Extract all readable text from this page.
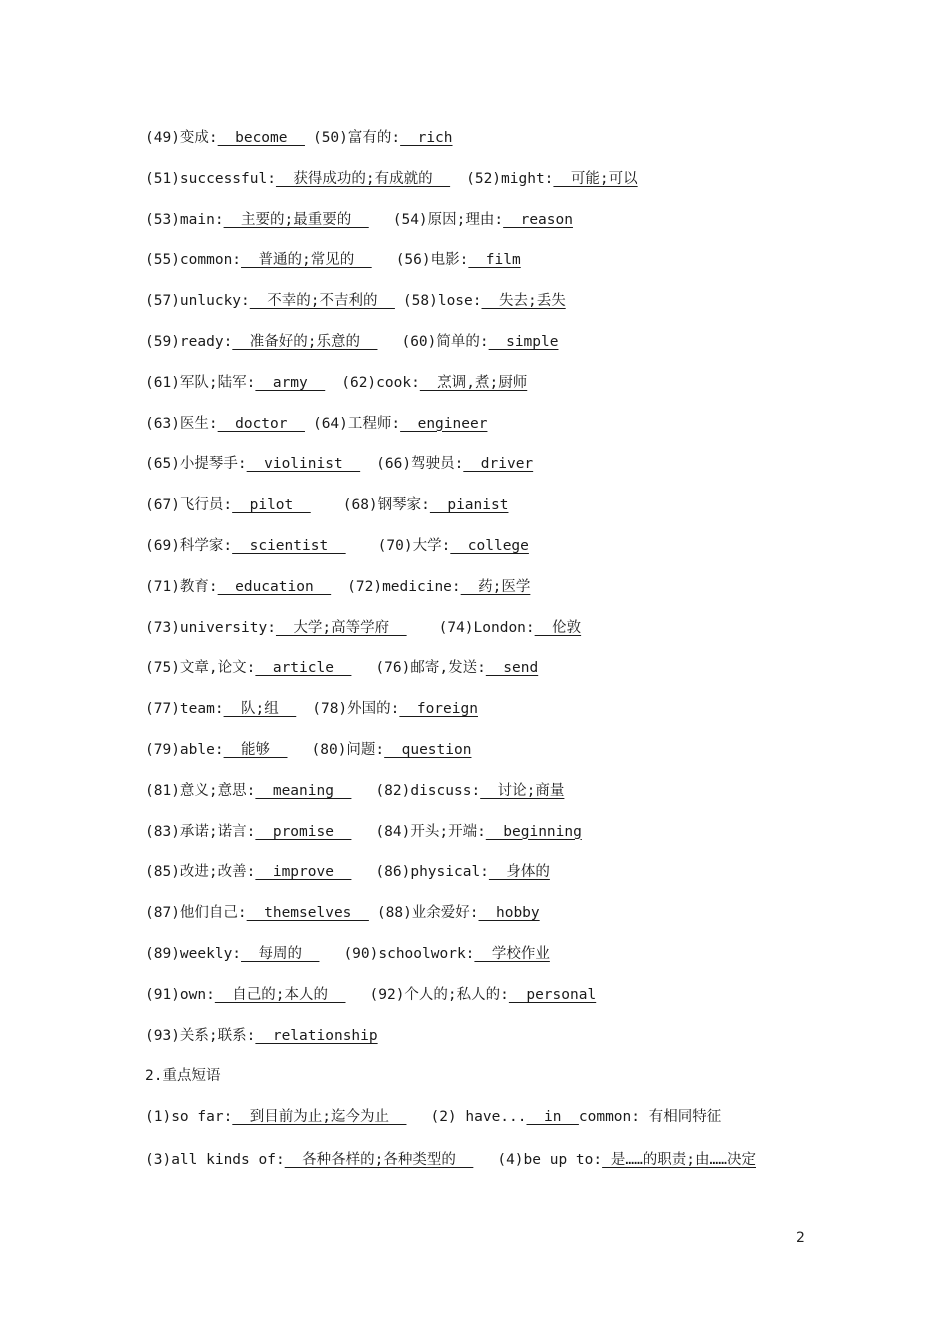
(49)变成:  become  (50)富有的:  rich
(51)successful:  获得成功的;有成就的  (52)might:  可能;可以
(53)main:  主要的;最重要的  (54)原因;理由:  reason
(55)common:  普通的;常见的  (56)电影:  film
(57)unlucky:  不幸的;不吉利的  (58)lose:  失去;丢失
(59)ready:  准备好的;乐意的  (60)简单的:  simple
(61)军队;陆军:  army  (62)cook:  烹调,煮;厨师
(63)医生:  doctor  (64)工程师:  engineer
(65)小提琴手:  violinist  (66)驾驶员:  driver
(67)飞行员:  pilot  (68)钢琴家:  pianist
(69)科学家:  scientist  (70)大学:  college
(71)教育:  education  (72)medicine:  药;医学
(73)university:  大学;高等学府  (74)London:  伦敦
(75)文章,论文:  article  (76)邮寄,发送:  send
(77)team:  队;组  (78)外国的:  foreign
(79)able:  能够  (80)问题:  question
(81)意义;意思:  meaning  (82)discuss:  讨论;商量
(83)承诺;诺言:  promise  (84)开头;开端:  beginning
(85)改进;改善:  improve  (86)physical:  身体的
(87)他们自己:  themselves  (88)业余爱好:  hobby
(89)weekly:  每周的  (90)schoolwork:  学校作业
(91)own:  自己的;本人的  (92)个人的;私人的:  personal
(93)关系;联系:  relationship
2.重点短语
(1)so far:  到目前为止;迄今为止  (2) have...  in  common: 有相同特征
(3)all kinds of:  各种各样的;各种类型的  (4)be up to: 是……的职责;由……决定
2
